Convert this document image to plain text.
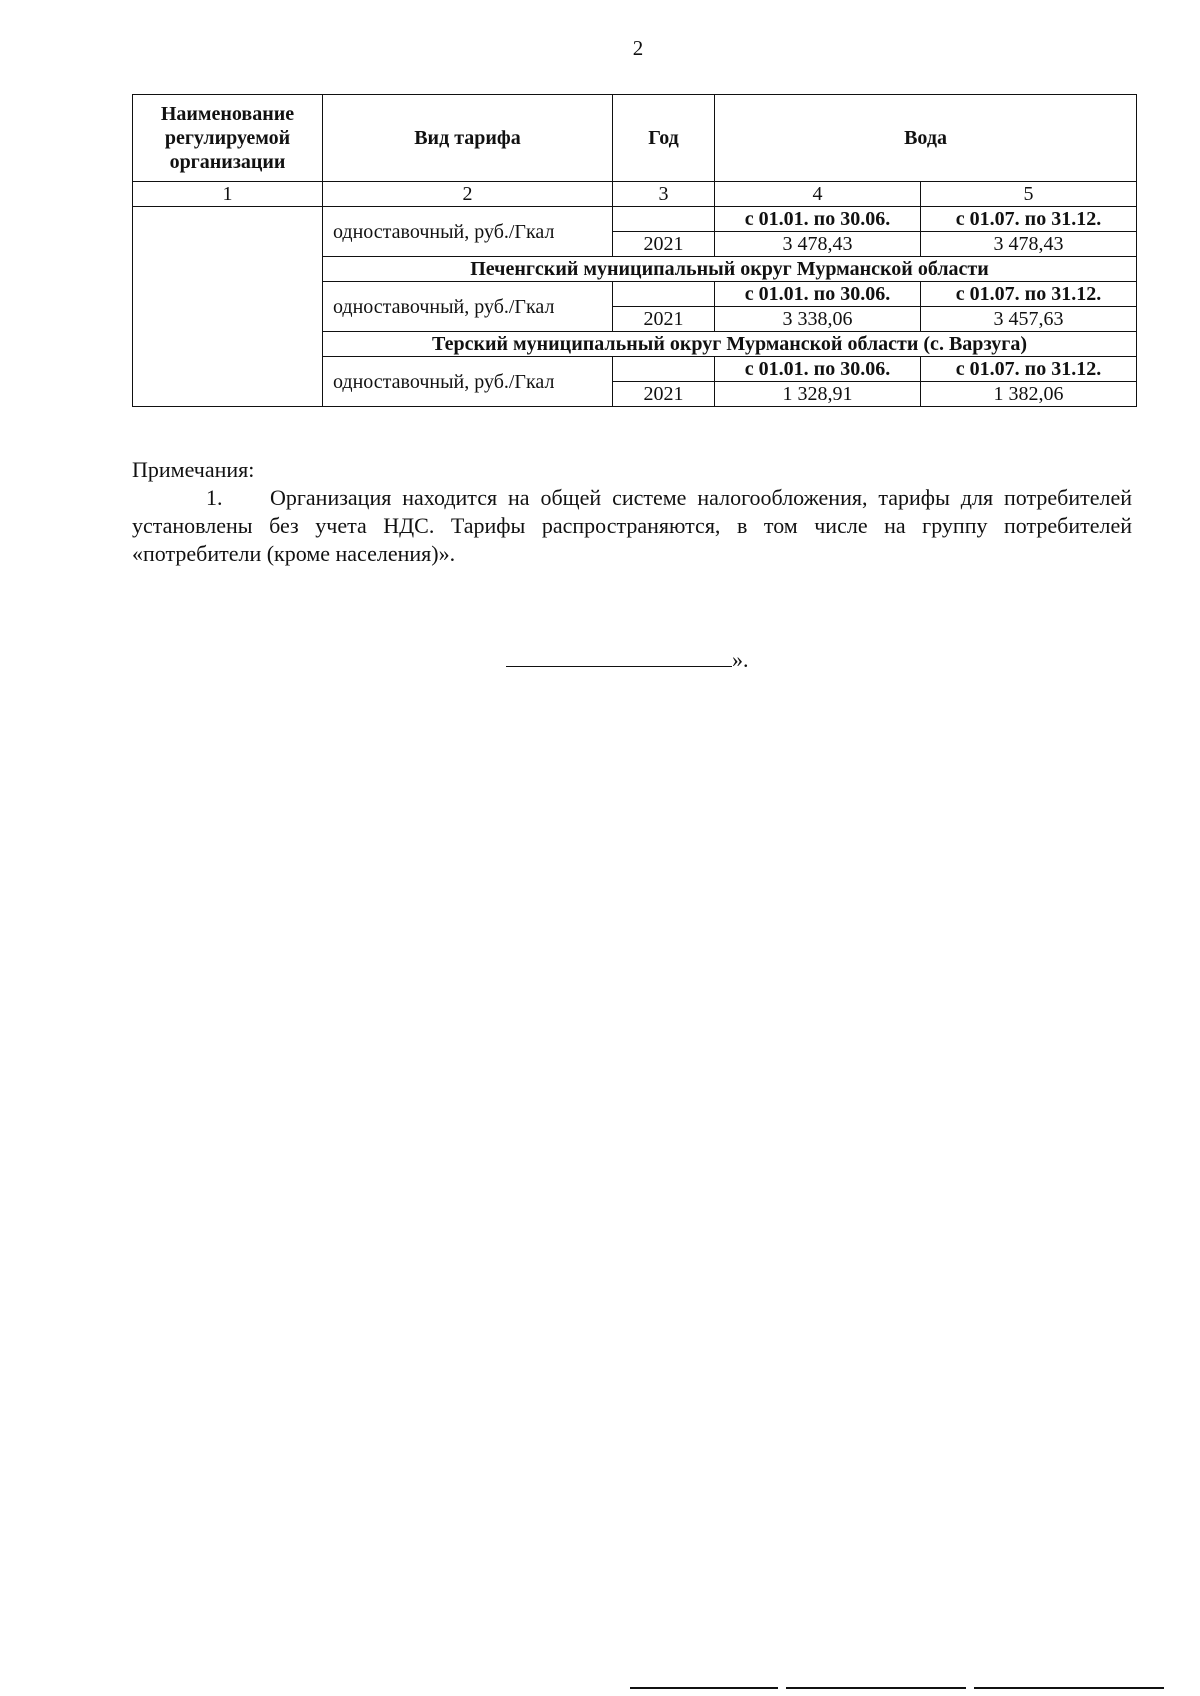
2
Наименование регулируемой организации	Вид тарифа	Год	Вода	
1	2	3	4	5
	одноставочный, руб./Гкал		с 01.01. по 30.06.	с 01.07. по 31.12.
		2021	3 478,43	3 478,43
	Печенгский муниципальный округ Мурманской области			
	одноставочный, руб./Гкал		с 01.01. по 30.06.	с 01.07. по 31.12.
		2021	3 338,06	3 457,63
	Терский муниципальный округ Мурманской области (с. Варзуга)			
	одноставочный, руб./Гкал		с 01.01. по 30.06.	с 01.07. по 31.12.
		2021	1 328,91	1 382,06

Примечания:

1. Организация находится на общей системе налогообложения, тарифы для потребителей установлены без учета НДС. Тарифы распространяются, в том числе на группу потребителей «потребители (кроме населения)».

».
